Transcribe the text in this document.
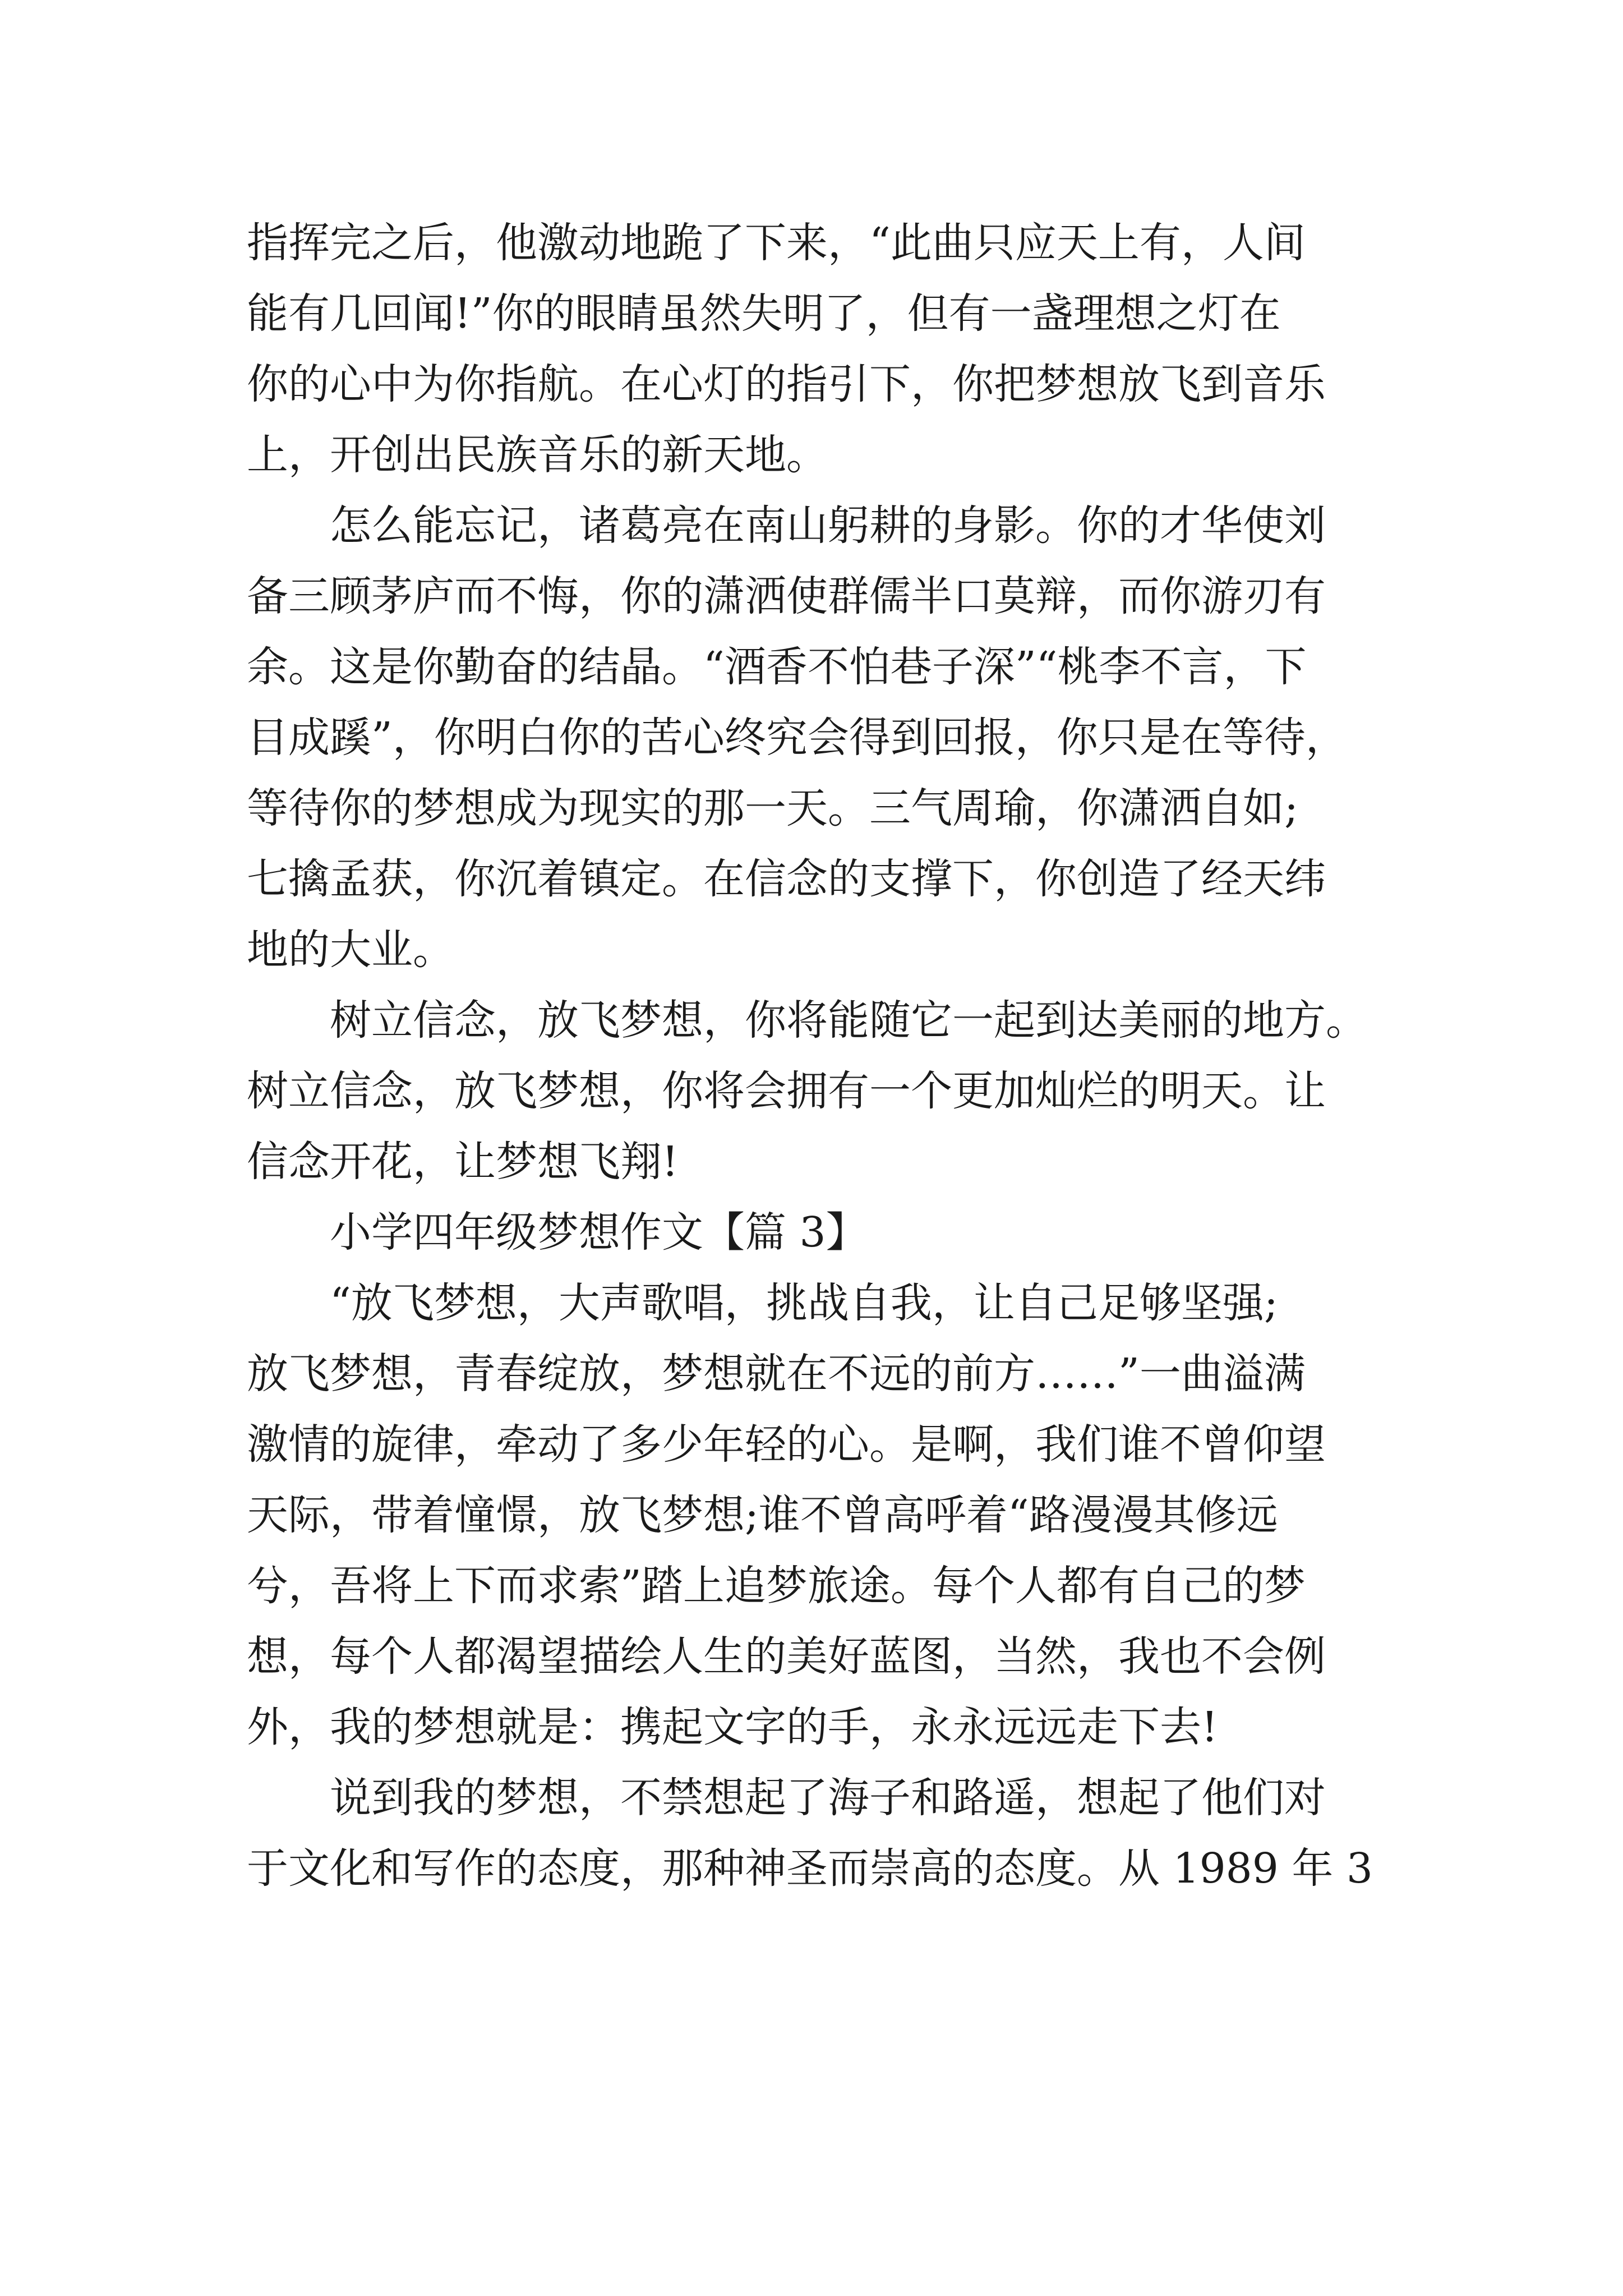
指挥完之后，他激动地跪了下来，“此曲只应天上有，人间
能有几回闻!”你的眼睛虽然失明了，但有一盏理想之灯在
你的心中为你指航。在心灯的指引下，你把梦想放飞到音乐
上，开创出民族音乐的新天地。
　　怎么能忘记，诸葛亮在南山躬耕的身影。你的才华使刘
备三顾茅庐而不悔，你的潇洒使群儒半口莫辩，而你游刃有
余。这是你勤奋的结晶。“酒香不怕巷子深”“桃李不言，下
目成蹊”，你明白你的苦心终究会得到回报，你只是在等待，
等待你的梦想成为现实的那一天。三气周瑜，你潇洒自如;
七擒孟获，你沉着镇定。在信念的支撑下，你创造了经天纬
地的大业。
　　树立信念，放飞梦想，你将能随它一起到达美丽的地方。
树立信念，放飞梦想，你将会拥有一个更加灿烂的明天。让
信念开花，让梦想飞翔!
　　小学四年级梦想作文【篇 3】
　　“放飞梦想，大声歌唱，挑战自我，让自己足够坚强;
放飞梦想，青春绽放，梦想就在不远的前方……”一曲溢满
激情的旋律，牵动了多少年轻的心。是啊，我们谁不曾仰望
天际，带着憧憬，放飞梦想;谁不曾高呼着“路漫漫其修远
兮，吾将上下而求索”踏上追梦旅途。每个人都有自己的梦
想，每个人都渴望描绘人生的美好蓝图，当然，我也不会例
外，我的梦想就是：携起文字的手，永永远远走下去!
　　说到我的梦想，不禁想起了海子和路遥，想起了他们对
于文化和写作的态度，那种神圣而崇高的态度。从 1989 年 3
